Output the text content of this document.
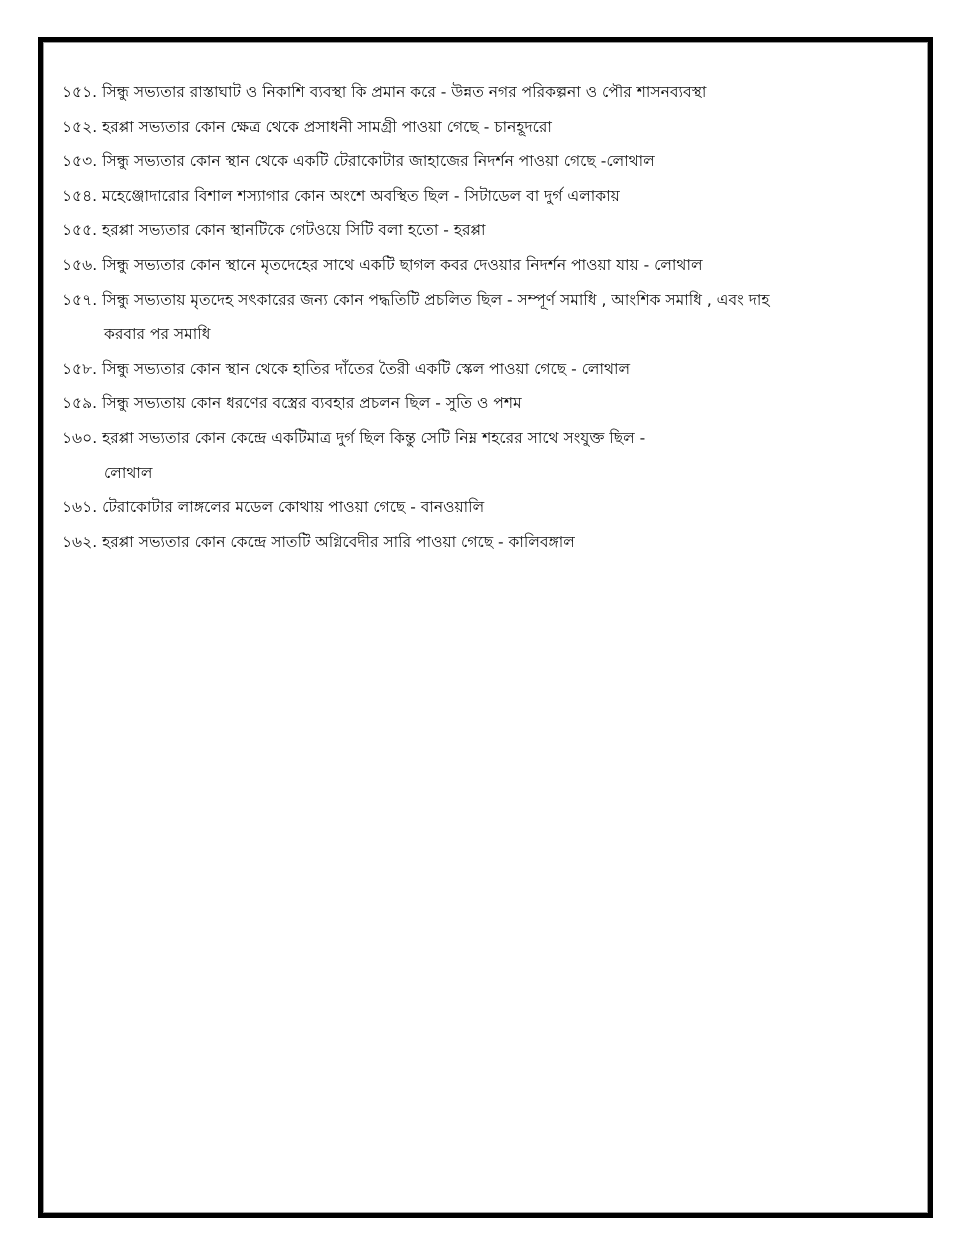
১৫১. সিন্ধু সভ্যতার রাস্তাঘাট ও নিকাশি ব্যবস্থা কি প্রমান করে - উন্নত নগর পরিকল্পনা ও পৌর শাসনব্যবস্থা
১৫২. হরপ্পা সভ্যতার কোন ক্ষেত্র থেকে প্রসাধনী সামগ্রী পাওয়া গেছে - চানহূদরো
১৫৩. সিন্ধু সভ্যতার কোন স্থান থেকে একটি টেরাকোটার জাহাজের নিদর্শন পাওয়া গেছে -লোথাল
১৫৪. মহেঞ্জোদারোর বিশাল শস্যাগার কোন অংশে অবস্থিত ছিল - সিটাডেল বা দুর্গ এলাকায়
১৫৫. হরপ্পা সভ্যতার কোন স্থানটিকে গেটওয়ে সিটি বলা হতো - হরপ্পা
১৫৬. সিন্ধু সভ্যতার কোন স্থানে মৃতদেহের সাথে একটি ছাগল কবর দেওয়ার নিদর্শন পাওয়া যায় - লোথাল
১৫৭. সিন্ধু সভ্যতায় মৃতদেহ সৎকারের জন্য কোন পদ্ধতিটি প্রচলিত ছিল - সম্পূর্ণ সমাধি , আংশিক সমাধি , এবং দাহ
করবার পর সমাধি
১৫৮. সিন্ধু সভ্যতার কোন স্থান থেকে হাতির দাঁতের তৈরী একটি স্কেল পাওয়া গেছে - লোথাল
১৫৯. সিন্ধু সভ্যতায় কোন ধরণের বস্ত্রের ব্যবহার প্রচলন ছিল - সুতি ও পশম
১৬০. হরপ্পা সভ্যতার কোন কেন্দ্রে একটিমাত্র দুর্গ ছিল কিন্তু সেটি নিম্ন শহরের সাথে সংযুক্ত ছিল -
লোথাল
১৬১. টেরাকোটার লাঙ্গলের মডেল কোথায় পাওয়া গেছে - বানওয়ালি
১৬২. হরপ্পা সভ্যতার কোন কেন্দ্রে সাতটি অগ্নিবেদীর সারি পাওয়া গেছে - কালিবঙ্গাল
